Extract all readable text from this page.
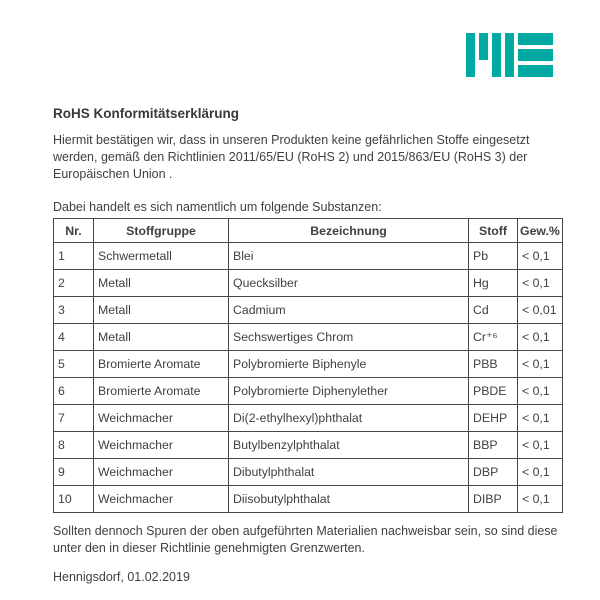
RoHS Konformitätserklärung
Hiermit bestätigen wir, dass in unseren Produkten keine gefährlichen Stoffe eingesetzt werden, gemäß den Richtlinien 2011/65/EU (RoHS 2) und 2015/863/EU (RoHS 3) der Europäischen Union .
Dabei handelt es sich namentlich um folgende Substanzen:
Nr.	Stoffgruppe	Bezeichnung	Stoff	Gew.%
1	Schwermetall	Blei	Pb	< 0,1
2	Metall	Quecksilber	Hg	< 0,1
3	Metall	Cadmium	Cd	< 0,01
4	Metall	Sechswertiges Chrom	Cr⁺⁶	< 0,1
5	Bromierte Aromate	Polybromierte Biphenyle	PBB	< 0,1
6	Bromierte Aromate	Polybromierte Diphenylether	PBDE	< 0,1
7	Weichmacher	Di(2-ethylhexyl)phthalat	DEHP	< 0,1
8	Weichmacher	Butylbenzylphthalat	BBP	< 0,1
9	Weichmacher	Dibutylphthalat	DBP	< 0,1
10	Weichmacher	Diisobutylphthalat	DIBP	< 0,1
Sollten dennoch Spuren der oben aufgeführten Materialien nachweisbar sein, so sind diese unter den in dieser Richtlinie genehmigten Grenzwerten.
Hennigsdorf, 01.02.2019
